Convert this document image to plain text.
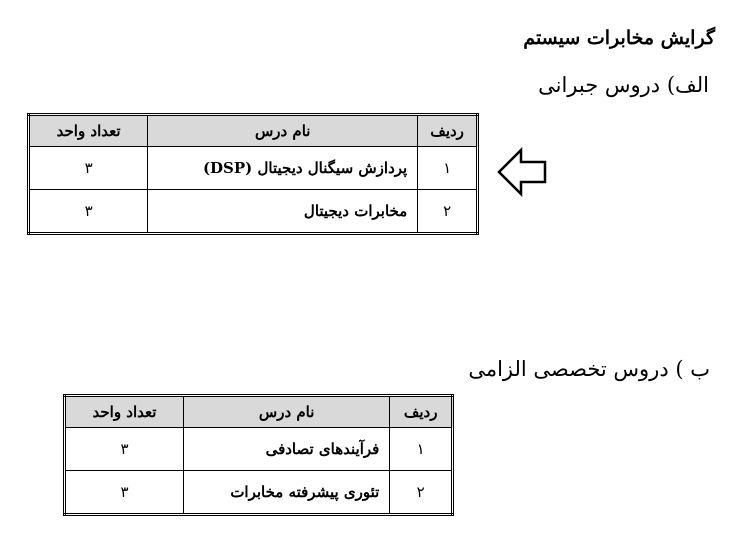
گرایش مخابرات سیستم
الف) دروس جبرانی
ردیف	نام درس	تعداد واحد
۱	پردازش سیگنال دیجیتال (DSP)	۳
۲	مخابرات دیجیتال	۳
ب ) دروس تخصصی الزامی
ردیف	نام درس	تعداد واحد
۱	فرآیندهای تصادفی	۳
۲	تئوری پیشرفته مخابرات	۳
